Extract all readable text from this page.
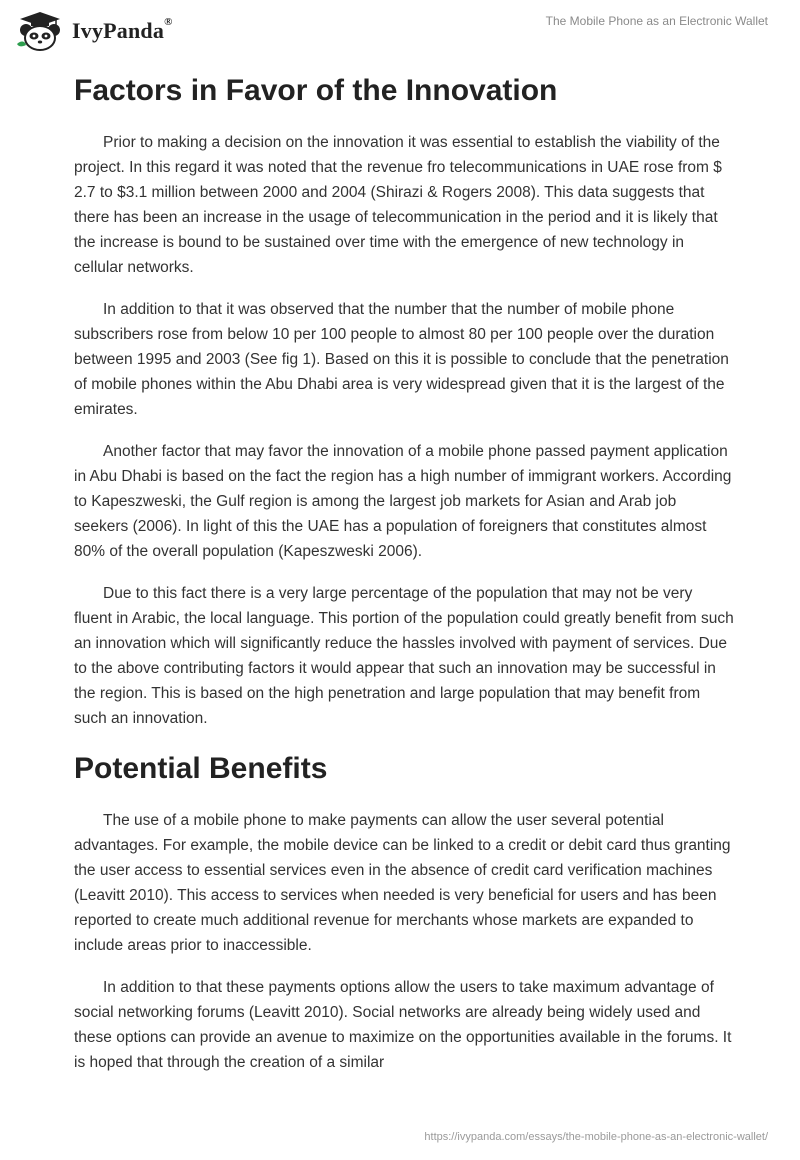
IvyPanda®	The Mobile Phone as an Electronic Wallet
Factors in Favor of the Innovation

Prior to making a decision on the innovation it was essential to establish the viability of the project. In this regard it was noted that the revenue fro telecommunications in UAE rose from $ 2.7 to $3.1 million between 2000 and 2004 (Shirazi & Rogers 2008). This data suggests that there has been an increase in the usage of telecommunication in the period and it is likely that the increase is bound to be sustained over time with the emergence of new technology in cellular networks.

In addition to that it was observed that the number that the number of mobile phone subscribers rose from below 10 per 100 people to almost 80 per 100 people over the duration between 1995 and 2003 (See fig 1). Based on this it is possible to conclude that the penetration of mobile phones within the Abu Dhabi area is very widespread given that it is the largest of the emirates.

Another factor that may favor the innovation of a mobile phone passed payment application in Abu Dhabi is based on the fact the region has a high number of immigrant workers. According to Kapeszweski, the Gulf region is among the largest job markets for Asian and Arab job seekers (2006). In light of this the UAE has a population of foreigners that constitutes almost 80% of the overall population (Kapeszweski 2006).

Due to this fact there is a very large percentage of the population that may not be very fluent in Arabic, the local language. This portion of the population could greatly benefit from such an innovation which will significantly reduce the hassles involved with payment of services. Due to the above contributing factors it would appear that such an innovation may be successful in the region. This is based on the high penetration and large population that may benefit from such an innovation.

Potential Benefits

The use of a mobile phone to make payments can allow the user several potential advantages. For example, the mobile device can be linked to a credit or debit card thus granting the user access to essential services even in the absence of credit card verification machines (Leavitt 2010). This access to services when needed is very beneficial for users and has been reported to create much additional revenue for merchants whose markets are expanded to include areas prior to inaccessible.

In addition to that these payments options allow the users to take maximum advantage of social networking forums (Leavitt 2010). Social networks are already being widely used and these options can provide an avenue to maximize on the opportunities available in the forums. It is hoped that through the creation of a similar

https://ivypanda.com/essays/the-mobile-phone-as-an-electronic-wallet/
